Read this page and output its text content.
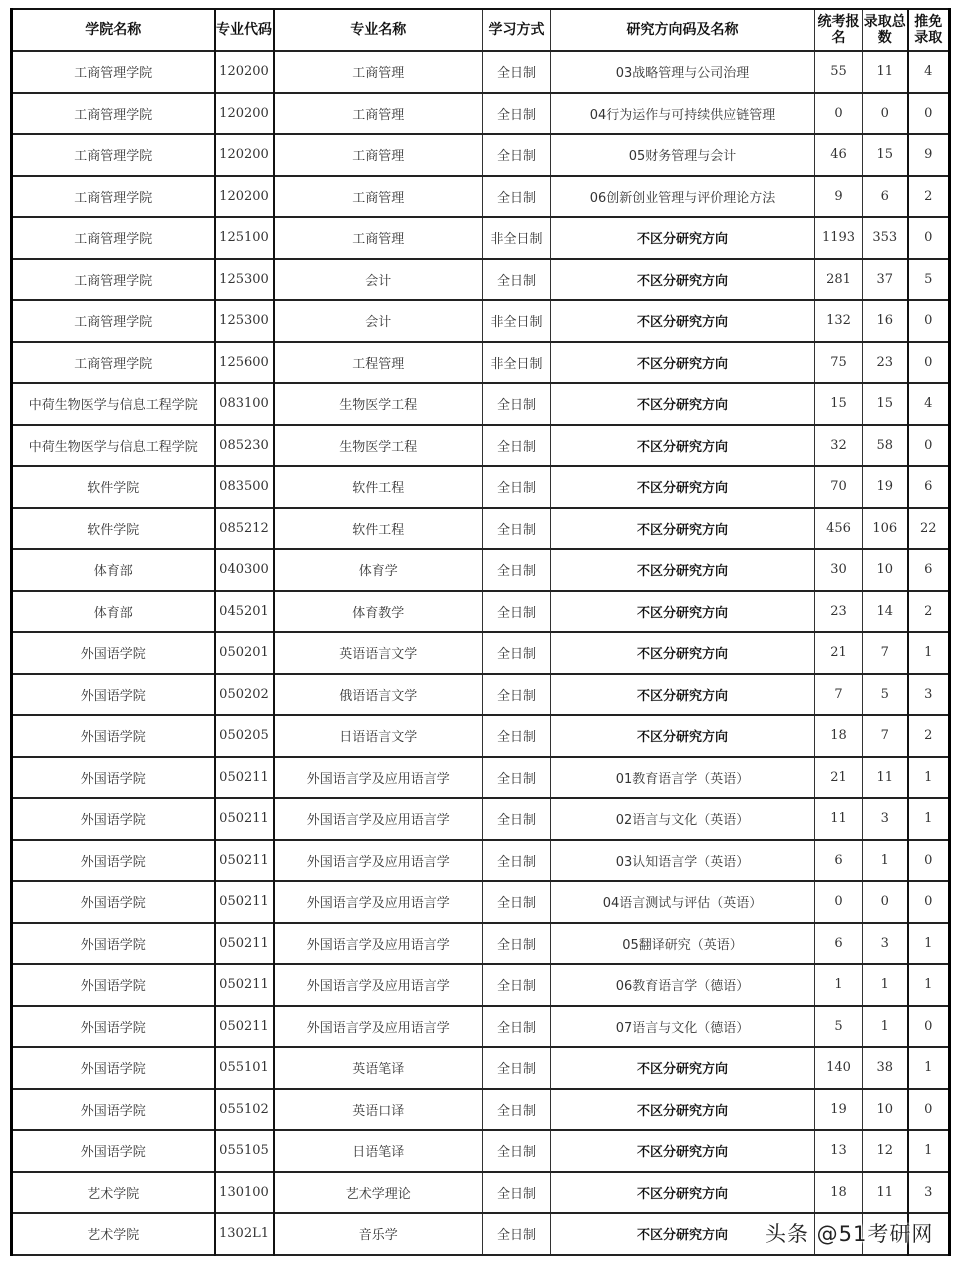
学院名称	专业代码	专业名称	学习方式	研究方向码及名称	统考报名	录取总数	推免录取
工商管理学院	120200	工商管理	全日制	03战略管理与公司治理	55	11	4
工商管理学院	120200	工商管理	全日制	04行为运作与可持续供应链管理	0	0	0
工商管理学院	120200	工商管理	全日制	05财务管理与会计	46	15	9
工商管理学院	120200	工商管理	全日制	06创新创业管理与评价理论方法	9	6	2
工商管理学院	125100	工商管理	非全日制	不区分研究方向	1193	353	0
工商管理学院	125300	会计	全日制	不区分研究方向	281	37	5
工商管理学院	125300	会计	非全日制	不区分研究方向	132	16	0
工商管理学院	125600	工程管理	非全日制	不区分研究方向	75	23	0
中荷生物医学与信息工程学院	083100	生物医学工程	全日制	不区分研究方向	15	15	4
中荷生物医学与信息工程学院	085230	生物医学工程	全日制	不区分研究方向	32	58	0
软件学院	083500	软件工程	全日制	不区分研究方向	70	19	6
软件学院	085212	软件工程	全日制	不区分研究方向	456	106	22
体育部	040300	体育学	全日制	不区分研究方向	30	10	6
体育部	045201	体育教学	全日制	不区分研究方向	23	14	2
外国语学院	050201	英语语言文学	全日制	不区分研究方向	21	7	1
外国语学院	050202	俄语语言文学	全日制	不区分研究方向	7	5	3
外国语学院	050205	日语语言文学	全日制	不区分研究方向	18	7	2
外国语学院	050211	外国语言学及应用语言学	全日制	01教育语言学（英语）	21	11	1
外国语学院	050211	外国语言学及应用语言学	全日制	02语言与文化（英语）	11	3	1
外国语学院	050211	外国语言学及应用语言学	全日制	03认知语言学（英语）	6	1	0
外国语学院	050211	外国语言学及应用语言学	全日制	04语言测试与评估（英语）	0	0	0
外国语学院	050211	外国语言学及应用语言学	全日制	05翻译研究（英语）	6	3	1
外国语学院	050211	外国语言学及应用语言学	全日制	06教育语言学（德语）	1	1	1
外国语学院	050211	外国语言学及应用语言学	全日制	07语言与文化（德语）	5	1	0
外国语学院	055101	英语笔译	全日制	不区分研究方向	140	38	1
外国语学院	055102	英语口译	全日制	不区分研究方向	19	10	0
外国语学院	055105	日语笔译	全日制	不区分研究方向	13	12	1
艺术学院	130100	艺术学理论	全日制	不区分研究方向	18	11	3
艺术学院	1302L1	音乐学	全日制	不区分研究方向			头条 @51考研网
